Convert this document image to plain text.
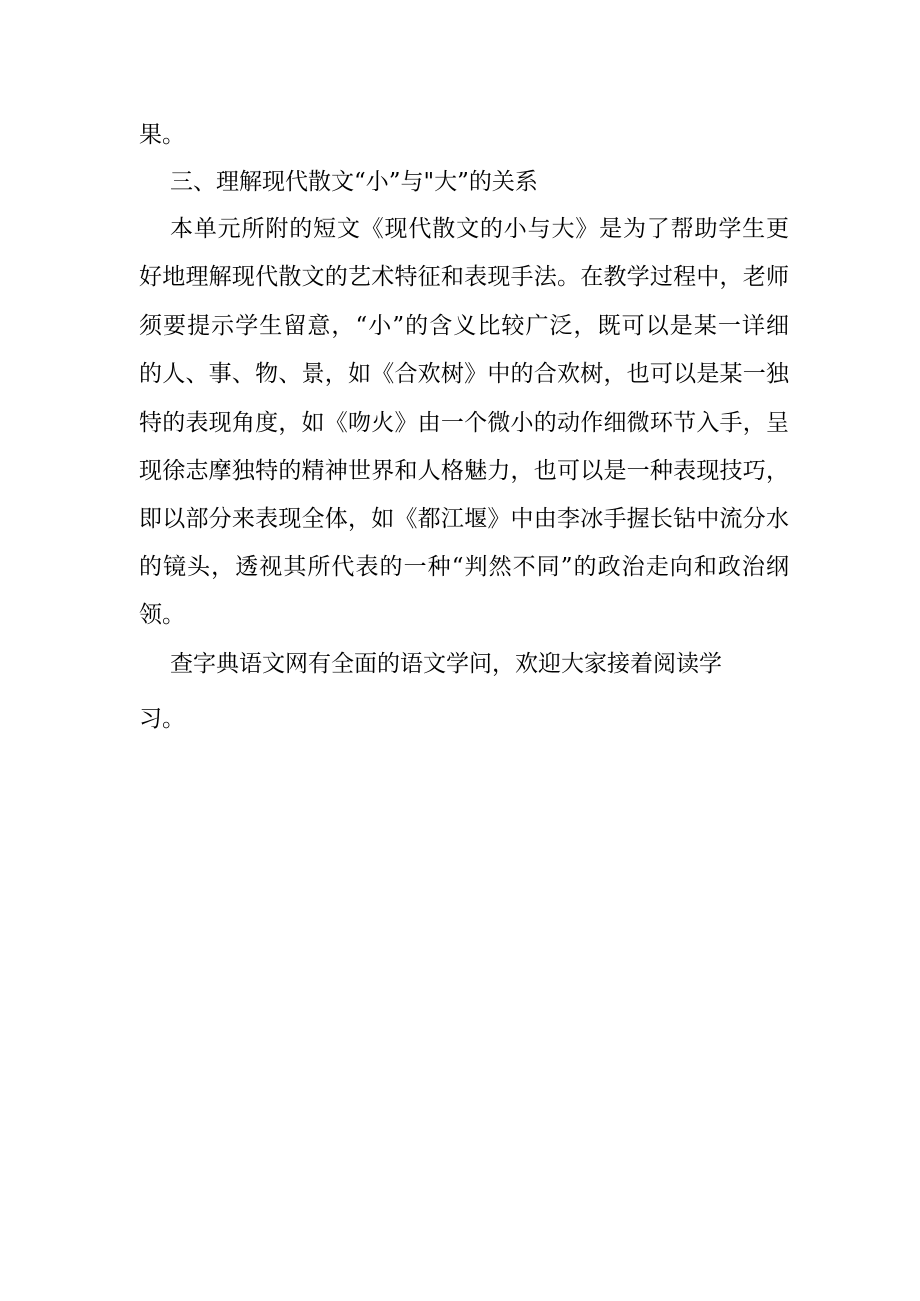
果。
三、理解现代散文“小”与"大”的关系
本单元所附的短文《现代散文的小与大》是为了帮助学生更
好地理解现代散文的艺术特征和表现手法。在教学过程中，老师
须要提示学生留意，“小”的含义比较广泛，既可以是某一详细
的人、事、物、景，如《合欢树》中的合欢树，也可以是某一独
特的表现角度，如《吻火》由一个微小的动作细微环节入手，呈
现徐志摩独特的精神世界和人格魅力，也可以是一种表现技巧，
即以部分来表现全体，如《都江堰》中由李冰手握长钻中流分水
的镜头，透视其所代表的一种“判然不同”的政治走向和政治纲
领。
查字典语文网有全面的语文学问，欢迎大家接着阅读学
习。
